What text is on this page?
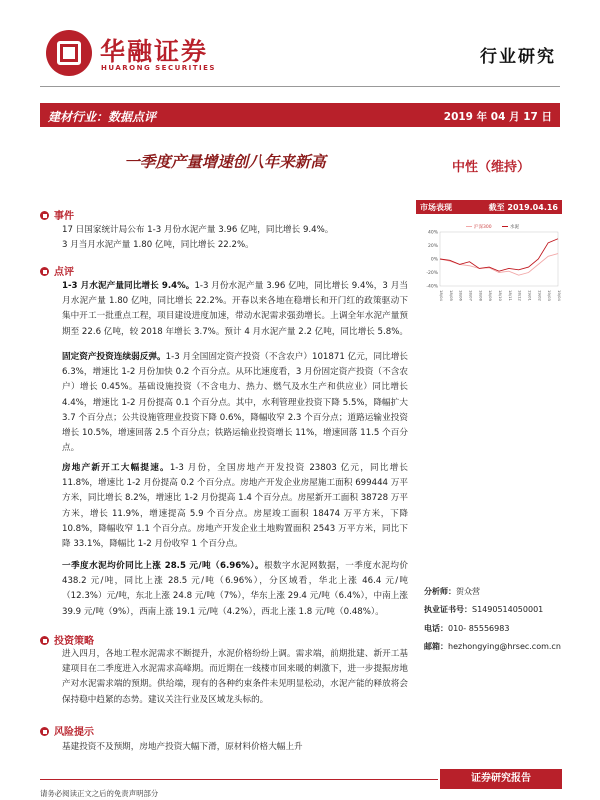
华融证券
HUARONG SECURITIES
行业研究
建材行业：数据点评	2019 年 04 月 17 日
一季度产量增速创八年来新高	中性（维持）
市场表现	截至 2019.04.16
沪深300	水泥
40%
20%
0%
-20%
-40%
18/04 18/05 18/06 18/07 18/08 18/09 18/10 18/11 18/12 19/01 19/02 19/03 19/04
事件
17 日国家统计局公布 1-3 月份水泥产量 3.96 亿吨，同比增长 9.4%。
3 月当月水泥产量 1.80 亿吨，同比增长 22.2%。
点评
1-3 月水泥产量同比增长 9.4%。1-3 月份水泥产量 3.96 亿吨，同比增长 9.4%，3 月当月水泥产量 1.80 亿吨，同比增长 22.2%。开春以来各地在稳增长和开门红的政策驱动下集中开工一批重点工程，项目建设进度加速，带动水泥需求强劲增长。上调全年水泥产量预期至 22.6 亿吨，较 2018 年增长 3.7%。预计 4 月水泥产量 2.2 亿吨，同比增长 5.8%。
固定资产投资连续弱反弹。1-3 月全国固定资产投资（不含农户）101871 亿元，同比增长 6.3%，增速比 1-2 月份加快 0.2 个百分点。从环比速度看，3 月份固定资产投资（不含农户）增长 0.45%。基础设施投资（不含电力、热力、燃气及水生产和供应业）同比增长 4.4%，增速比 1-2 月份提高 0.1 个百分点。其中，水利管理业投资下降 5.5%，降幅扩大 3.7 个百分点；公共设施管理业投资下降 0.6%，降幅收窄 2.3 个百分点；道路运输业投资增长 10.5%，增速回落 2.5 个百分点；铁路运输业投资增长 11%，增速回落 11.5 个百分点。
房地产新开工大幅提速。1-3 月份，全国房地产开发投资 23803 亿元，同比增长 11.8%，增速比 1-2 月份提高 0.2 个百分点。房地产开发企业房屋施工面积 699444 万平方米，同比增长 8.2%，增速比 1-2 月份提高 1.4 个百分点。房屋新开工面积 38728 万平方米，增长 11.9%，增速提高 5.9 个百分点。房屋竣工面积 18474 万平方米，下降 10.8%，降幅收窄 1.1 个百分点。房地产开发企业土地购置面积 2543 万平方米，同比下降 33.1%，降幅比 1-2 月份收窄 1 个百分点。
一季度水泥均价同比上涨 28.5 元/吨（6.96%）。根数字水泥网数据，一季度水泥均价 438.2 元/吨，同比上涨 28.5 元/吨（6.96%），分区域看，华北上涨 46.4 元/吨（12.3%）元/吨，东北上涨 24.8 元/吨（7%），华东上涨 29.4 元/吨（6.4%），中南上涨 39.9 元/吨（9%），西南上涨 19.1 元/吨（4.2%），西北上涨 1.8 元/吨（0.48%）。
投资策略
进入四月，各地工程水泥需求不断提升，水泥价格纷纷上调。需求端，前期批建、新开工基建项目在二季度进入水泥需求高峰期。而近期在一线楼市回来暖的刺激下，进一步提振房地产对水泥需求端的预期。供给端，现有的各种约束条件未见明显松动，水泥产能的释放将会保持稳中趋紧的态势。建议关注行业及区域龙头标的。
风险提示
基建投资不及预期，房地产投资大幅下滑，原材料价格大幅上升
分析师：贺众营
执业证书号：S1490514050001
电话：010- 85556983
邮箱：hezhongying@hrsec.com.cn
证券研究报告
请务必阅读正文之后的免责声明部分
